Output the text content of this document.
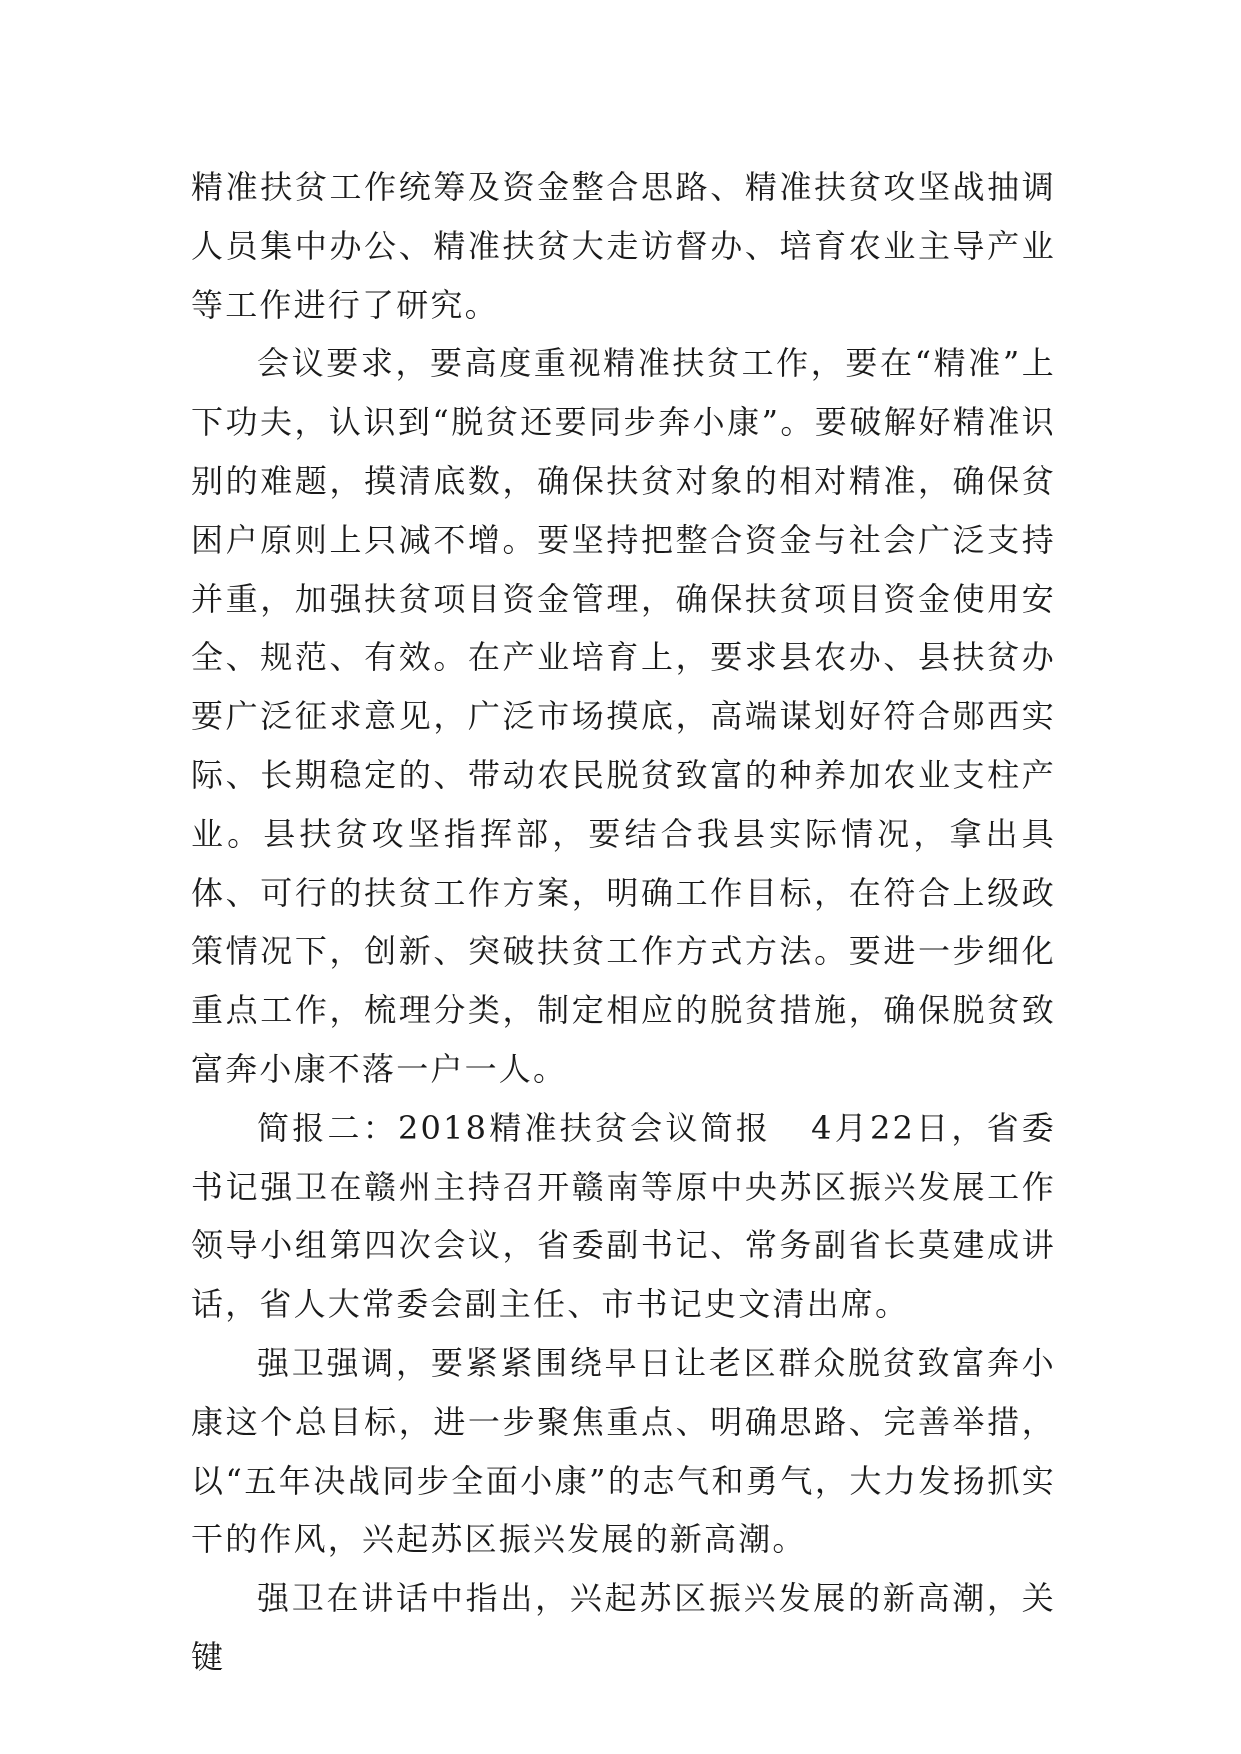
精准扶贫工作统筹及资金整合思路、精准扶贫攻坚战抽调人员集中办公、精准扶贫大走访督办、培育农业主导产业等工作进行了研究。

会议要求，要高度重视精准扶贫工作，要在“精准”上下功夫，认识到“脱贫还要同步奔小康”。要破解好精准识别的难题，摸清底数，确保扶贫对象的相对精准，确保贫困户原则上只减不增。要坚持把整合资金与社会广泛支持并重，加强扶贫项目资金管理，确保扶贫项目资金使用安全、规范、有效。在产业培育上，要求县农办、县扶贫办要广泛征求意见，广泛市场摸底，高端谋划好符合郧西实际、长期稳定的、带动农民脱贫致富的种养加农业支柱产业。县扶贫攻坚指挥部，要结合我县实际情况，拿出具体、可行的扶贫工作方案，明确工作目标，在符合上级政策情况下，创新、突破扶贫工作方式方法。要进一步细化重点工作，梳理分类，制定相应的脱贫措施，确保脱贫致富奔小康不落一户一人。

简报二：2018精准扶贫会议简报 4月22日，省委书记强卫在赣州主持召开赣南等原中央苏区振兴发展工作领导小组第四次会议，省委副书记、常务副省长莫建成讲话，省人大常委会副主任、市书记史文清出席。

强卫强调，要紧紧围绕早日让老区群众脱贫致富奔小康这个总目标，进一步聚焦重点、明确思路、完善举措，以“五年决战同步全面小康”的志气和勇气，大力发扬抓实干的作风，兴起苏区振兴发展的新高潮。

强卫在讲话中指出，兴起苏区振兴发展的新高潮，关键
